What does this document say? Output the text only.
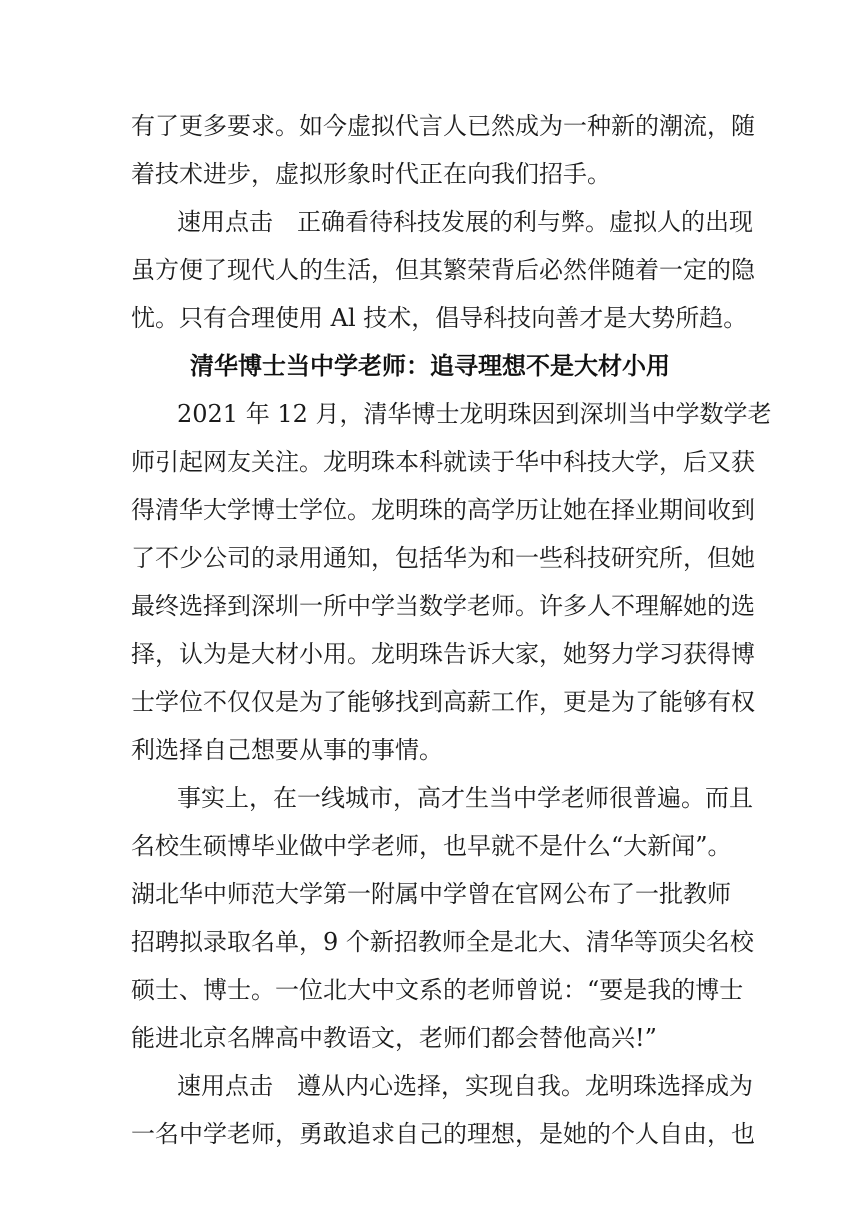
有了更多要求。如今虚拟代言人已然成为一种新的潮流，随
着技术进步，虚拟形象时代正在向我们招手。
速用点击 正确看待科技发展的利与弊。虚拟人的出现
虽方便了现代人的生活，但其繁荣背后必然伴随着一定的隐
忧。只有合理使用 Al 技术，倡导科技向善才是大势所趋。
清华博士当中学老师：追寻理想不是大材小用
2021 年 12 月，清华博士龙明珠因到深圳当中学数学老
师引起网友关注。龙明珠本科就读于华中科技大学，后又获
得清华大学博士学位。龙明珠的高学历让她在择业期间收到
了不少公司的录用通知，包括华为和一些科技研究所，但她
最终选择到深圳一所中学当数学老师。许多人不理解她的选
择，认为是大材小用。龙明珠告诉大家，她努力学习获得博
士学位不仅仅是为了能够找到高薪工作，更是为了能够有权
利选择自己想要从事的事情。
事实上，在一线城市，高才生当中学老师很普遍。而且
名校生硕博毕业做中学老师，也早就不是什么“大新闻”。
湖北华中师范大学第一附属中学曾在官网公布了一批教师
招聘拟录取名单，9 个新招教师全是北大、清华等顶尖名校
硕士、博士。一位北大中文系的老师曾说：“要是我的博士
能进北京名牌高中教语文，老师们都会替他高兴!”
速用点击 遵从内心选择，实现自我。龙明珠选择成为
一名中学老师，勇敢追求自己的理想，是她的个人自由，也
